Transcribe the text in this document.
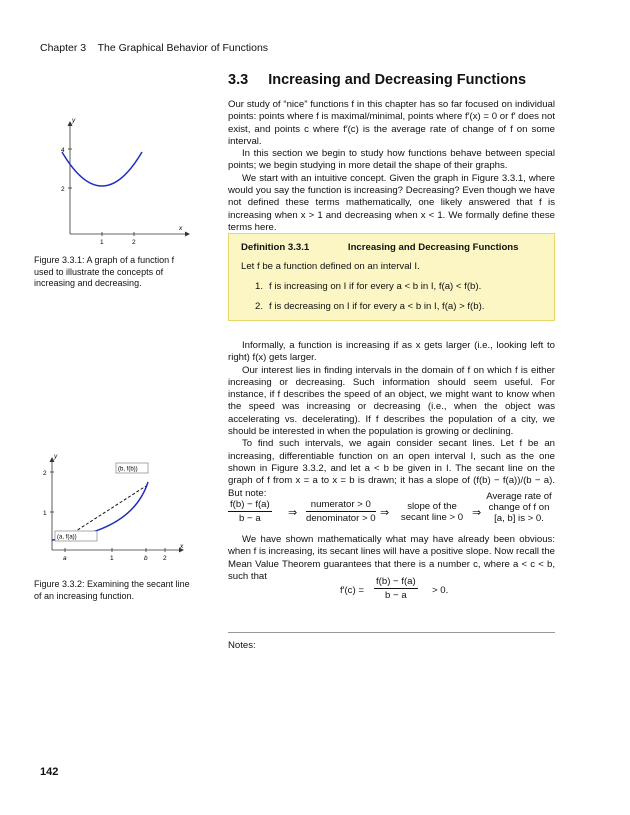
Chapter 3 The Graphical Behavior of Functions
3.3 Increasing and Decreasing Functions

Our study of “nice” functions f in this chapter has so far focused on individual points: points where f is maximal/minimal, points where f′(x) = 0 or f′ does not exist, and points c where f′(c) is the average rate of change of f on some interval.

In this section we begin to study how functions behave between special points; we begin studying in more detail the shape of their graphs.

We start with an intuitive concept. Given the graph in Figure 3.3.1, where would you say the function is increasing? Decreasing? Even though we have not defined these terms mathematically, one likely answered that f is increasing when x > 1 and decreasing when x < 1. We formally define these terms here.

Definition 3.3.1	Increasing and Decreasing Functions
Let f be a function defined on an interval I.
1. f is increasing on I if for every a < b in I, f(a) < f(b).
2. f is decreasing on I if for every a < b in I, f(a) > f(b).

Informally, a function is increasing if as x gets larger (i.e., looking left to right) f(x) gets larger.

Our interest lies in finding intervals in the domain of f on which f is either increasing or decreasing. Such information should seem useful. For instance, if f describes the speed of an object, we might want to know when the speed was increasing or decreasing (i.e., when the object was accelerating vs. decelerating). If f describes the population of a city, we should be interested in when the population is growing or declining.

To find such intervals, we again consider secant lines. Let f be an increasing, differentiable function on an open interval I, such as the one shown in Figure 3.3.2, and let a < b be given in I. The secant line on the graph of f from x = a to x = b is drawn; it has a slope of (f(b) − f(a))/(b − a). But note:

$\frac{f(b) - f(a)}{b - a}$ ⇒
numerator > 0
denominator > 0 ⇒
slope of the
secant line > 0 ⇒
Average rate of
change of f on
[a, b] is > 0.

We have shown mathematically what may have already been obvious: when f is increasing, its secant lines will have a positive slope. Now recall the Mean Value Theorem guarantees that there is a number c, where a < c < b, such that

$f'(c) = \frac{f(b) - f(a)}{b - a} > 0$.
Notes:
142
x
y
1	2
2
4
Figure 3.3.1: A graph of a function f used to illustrate the concepts of increasing and decreasing.
x
y
a	1	b 2
1
2
(a, f(a))
(b, f(b))
Figure 3.3.2: Examining the secant line of an increasing function.
